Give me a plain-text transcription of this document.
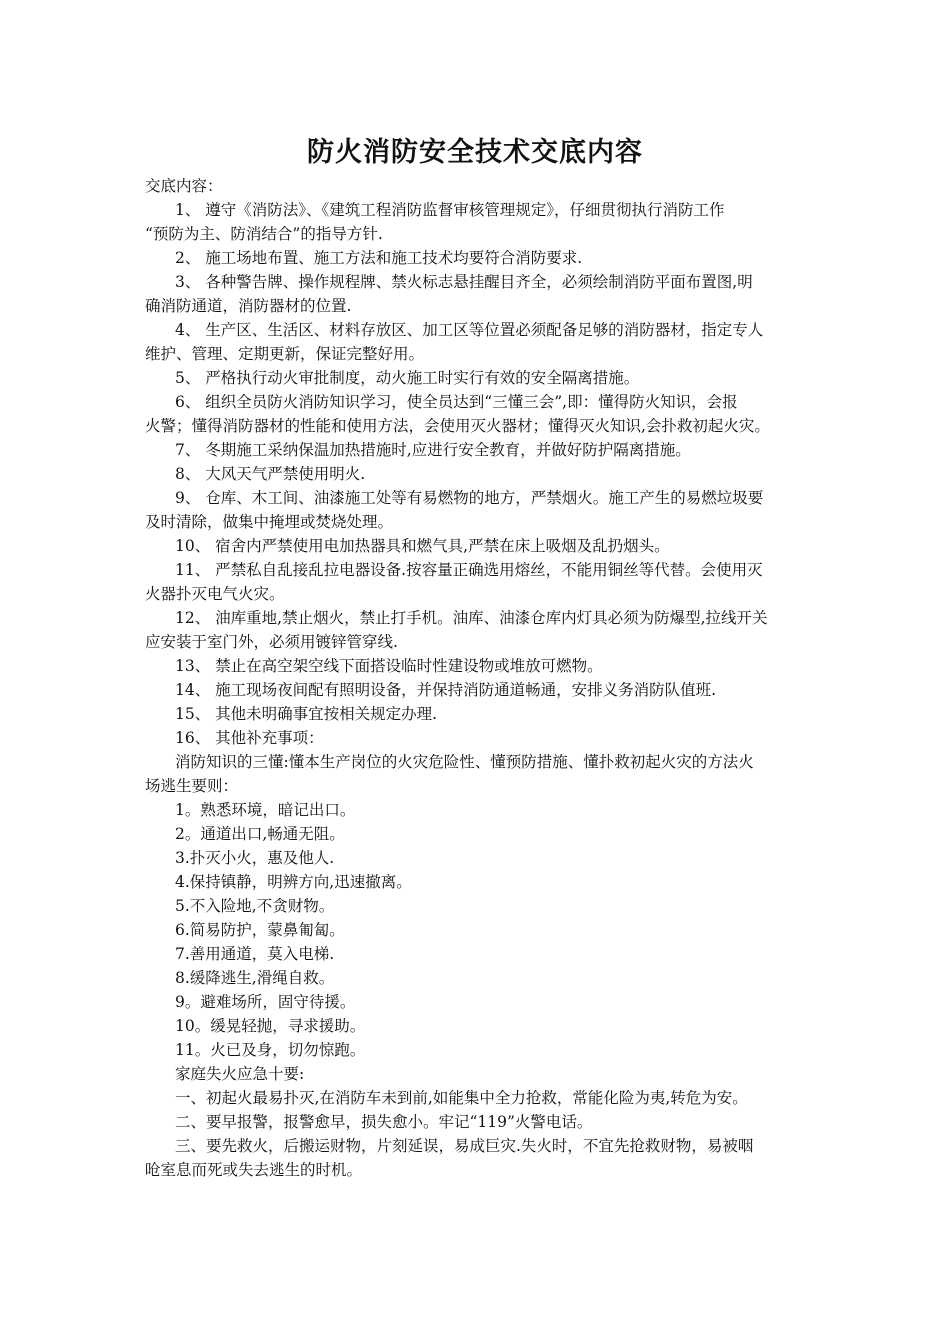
防火消防安全技术交底内容
交底内容：
1、 遵守《消防法》、《建筑工程消防监督审核管理规定》，仔细贯彻执行消防工作
“预防为主、防消结合”的指导方针.
2、 施工场地布置、施工方法和施工技术均要符合消防要求.
3、 各种警告牌、操作规程牌、禁火标志悬挂醒目齐全，必须绘制消防平面布置图,明
确消防通道，消防器材的位置.
4、 生产区、生活区、材料存放区、加工区等位置必须配备足够的消防器材，指定专人
维护、管理、定期更新，保证完整好用。
5、 严格执行动火审批制度，动火施工时实行有效的安全隔离措施。
6、 组织全员防火消防知识学习，使全员达到“三懂三会”,即：懂得防火知识，会报
火警；懂得消防器材的性能和使用方法，会使用灭火器材；懂得灭火知识,会扑救初起火灾。
7、 冬期施工采纳保温加热措施时,应进行安全教育，并做好防护隔离措施。
8、 大风天气严禁使用明火.
9、 仓库、木工间、油漆施工处等有易燃物的地方，严禁烟火。施工产生的易燃垃圾要
及时清除，做集中掩埋或焚烧处理。
10、 宿舍内严禁使用电加热器具和燃气具,严禁在床上吸烟及乱扔烟头。
11、 严禁私自乱接乱拉电器设备.按容量正确选用熔丝，不能用铜丝等代替。会使用灭
火器扑灭电气火灾。
12、 油库重地,禁止烟火，禁止打手机。油库、油漆仓库内灯具必须为防爆型,拉线开关
应安装于室门外，必须用镀锌管穿线.
13、 禁止在高空架空线下面搭设临时性建设物或堆放可燃物。
14、 施工现场夜间配有照明设备，并保持消防通道畅通，安排义务消防队值班.
15、 其他未明确事宜按相关规定办理.
16、 其他补充事项：
消防知识的三懂:懂本生产岗位的火灾危险性、懂预防措施、懂扑救初起火灾的方法火
场逃生要则：
1。熟悉环境，暗记出口。
2。通道出口,畅通无阻。
3.扑灭小火，惠及他人.
4.保持镇静，明辨方向,迅速撤离。
5.不入险地,不贪财物。
6.简易防护，蒙鼻匍匐。
7.善用通道，莫入电梯.
8.缓降逃生,滑绳自救。
9。避难场所，固守待援。
10。缓晃轻抛，寻求援助。
11。火已及身，切勿惊跑。
家庭失火应急十要:
一、初起火最易扑灭,在消防车未到前,如能集中全力抢救，常能化险为夷,转危为安。
二、要早报警，报警愈早，损失愈小。牢记“119”火警电话。
三、要先救火，后搬运财物，片刻延误，易成巨灾.失火时，不宜先抢救财物，易被咽
呛室息而死或失去逃生的时机。
